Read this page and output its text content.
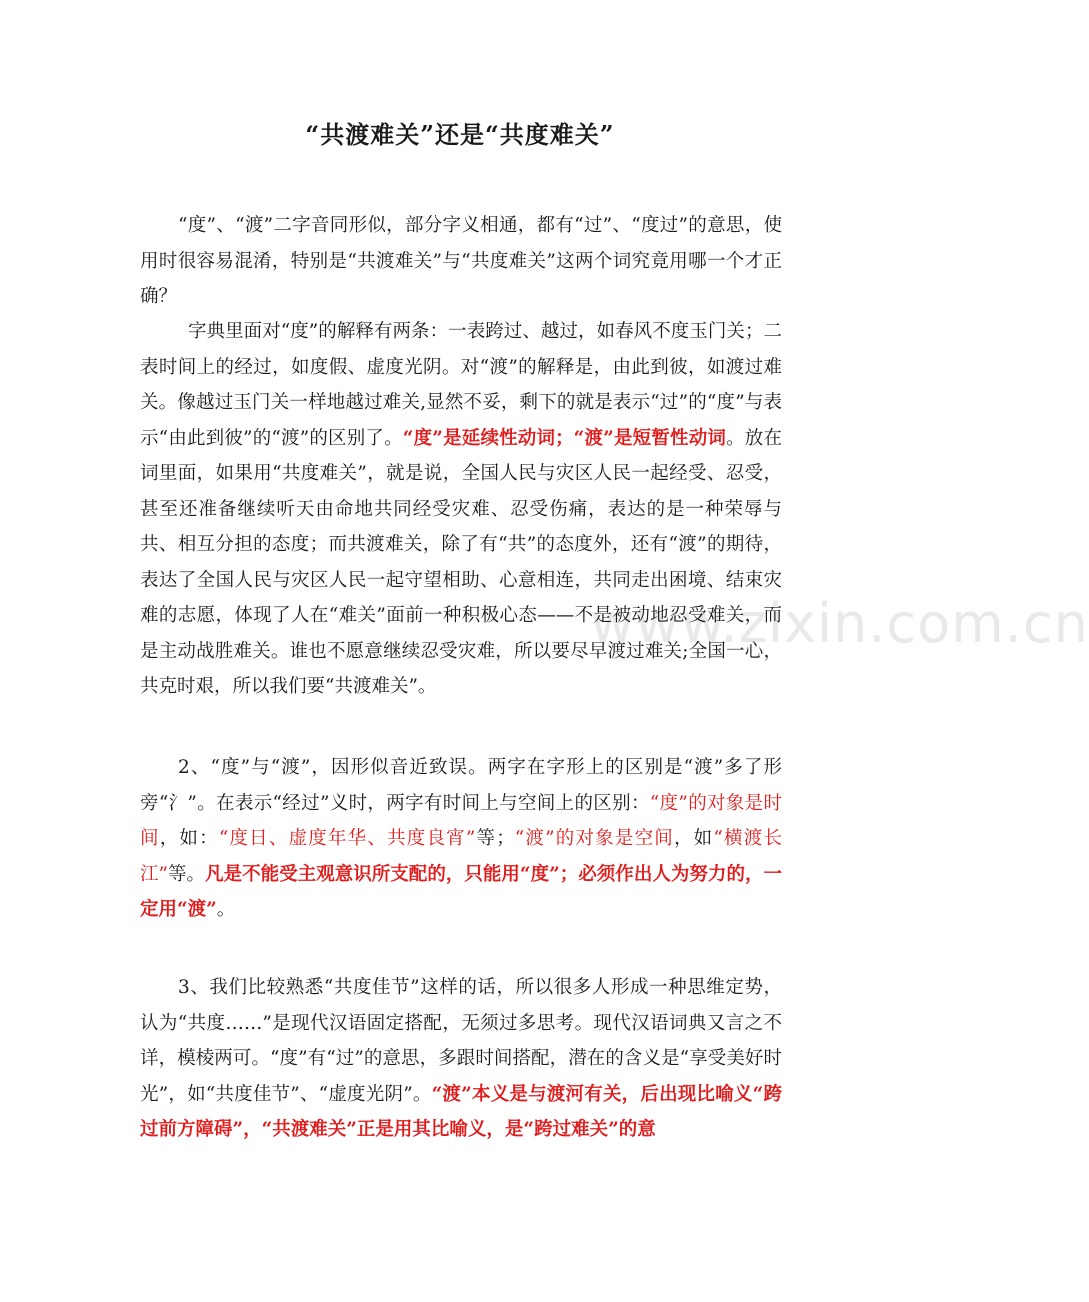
“共渡难关”还是“共度难关”
www.zixin.com.cn

“度”、“渡”二字音同形似，部分字义相通，都有“过”、“度过”的意思，使用时很容易混淆，特别是“共渡难关”与“共度难关”这两个词究竟用哪一个才正确？

字典里面对“度”的解释有两条：一表跨过、越过，如春风不度玉门关；二表时间上的经过，如度假、虚度光阴。对“渡”的解释是，由此到彼，如渡过难关。像越过玉门关一样地越过难关,显然不妥，剩下的就是表示“过”的“度”与表示“由此到彼”的“渡”的区别了。“度”是延续性动词；“渡”是短暂性动词。放在词里面，如果用“共度难关”，就是说，全国人民与灾区人民一起经受、忍受，甚至还准备继续听天由命地共同经受灾难、忍受伤痛，表达的是一种荣辱与共、相互分担的态度；而共渡难关，除了有“共”的态度外，还有“渡”的期待，表达了全国人民与灾区人民一起守望相助、心意相连，共同走出困境、结束灾难的志愿，体现了人在“难关”面前一种积极心态——不是被动地忍受难关，而是主动战胜难关。谁也不愿意继续忍受灾难，所以要尽早渡过难关;全国一心，共克时艰，所以我们要“共渡难关”。

2、“度”与“渡”，因形似音近致误。两字在字形上的区别是“渡”多了形旁“氵”。在表示“经过”义时，两字有时间上与空间上的区别：“度”的对象是时间，如：“度日、虚度年华、共度良宵”等；“渡”的对象是空间，如“横渡长江”等。凡是不能受主观意识所支配的，只能用“度”；必须作出人为努力的，一定用“渡”。

3、我们比较熟悉“共度佳节”这样的话，所以很多人形成一种思维定势，认为“共度……”是现代汉语固定搭配，无须过多思考。现代汉语词典又言之不详，模棱两可。“度”有“过”的意思，多跟时间搭配，潜在的含义是“享受美好时光”，如“共度佳节”、“虚度光阴”。“渡”本义是与渡河有关，后出现比喻义“跨过前方障碍”，“共渡难关”正是用其比喻义，是“跨过难关”的意
